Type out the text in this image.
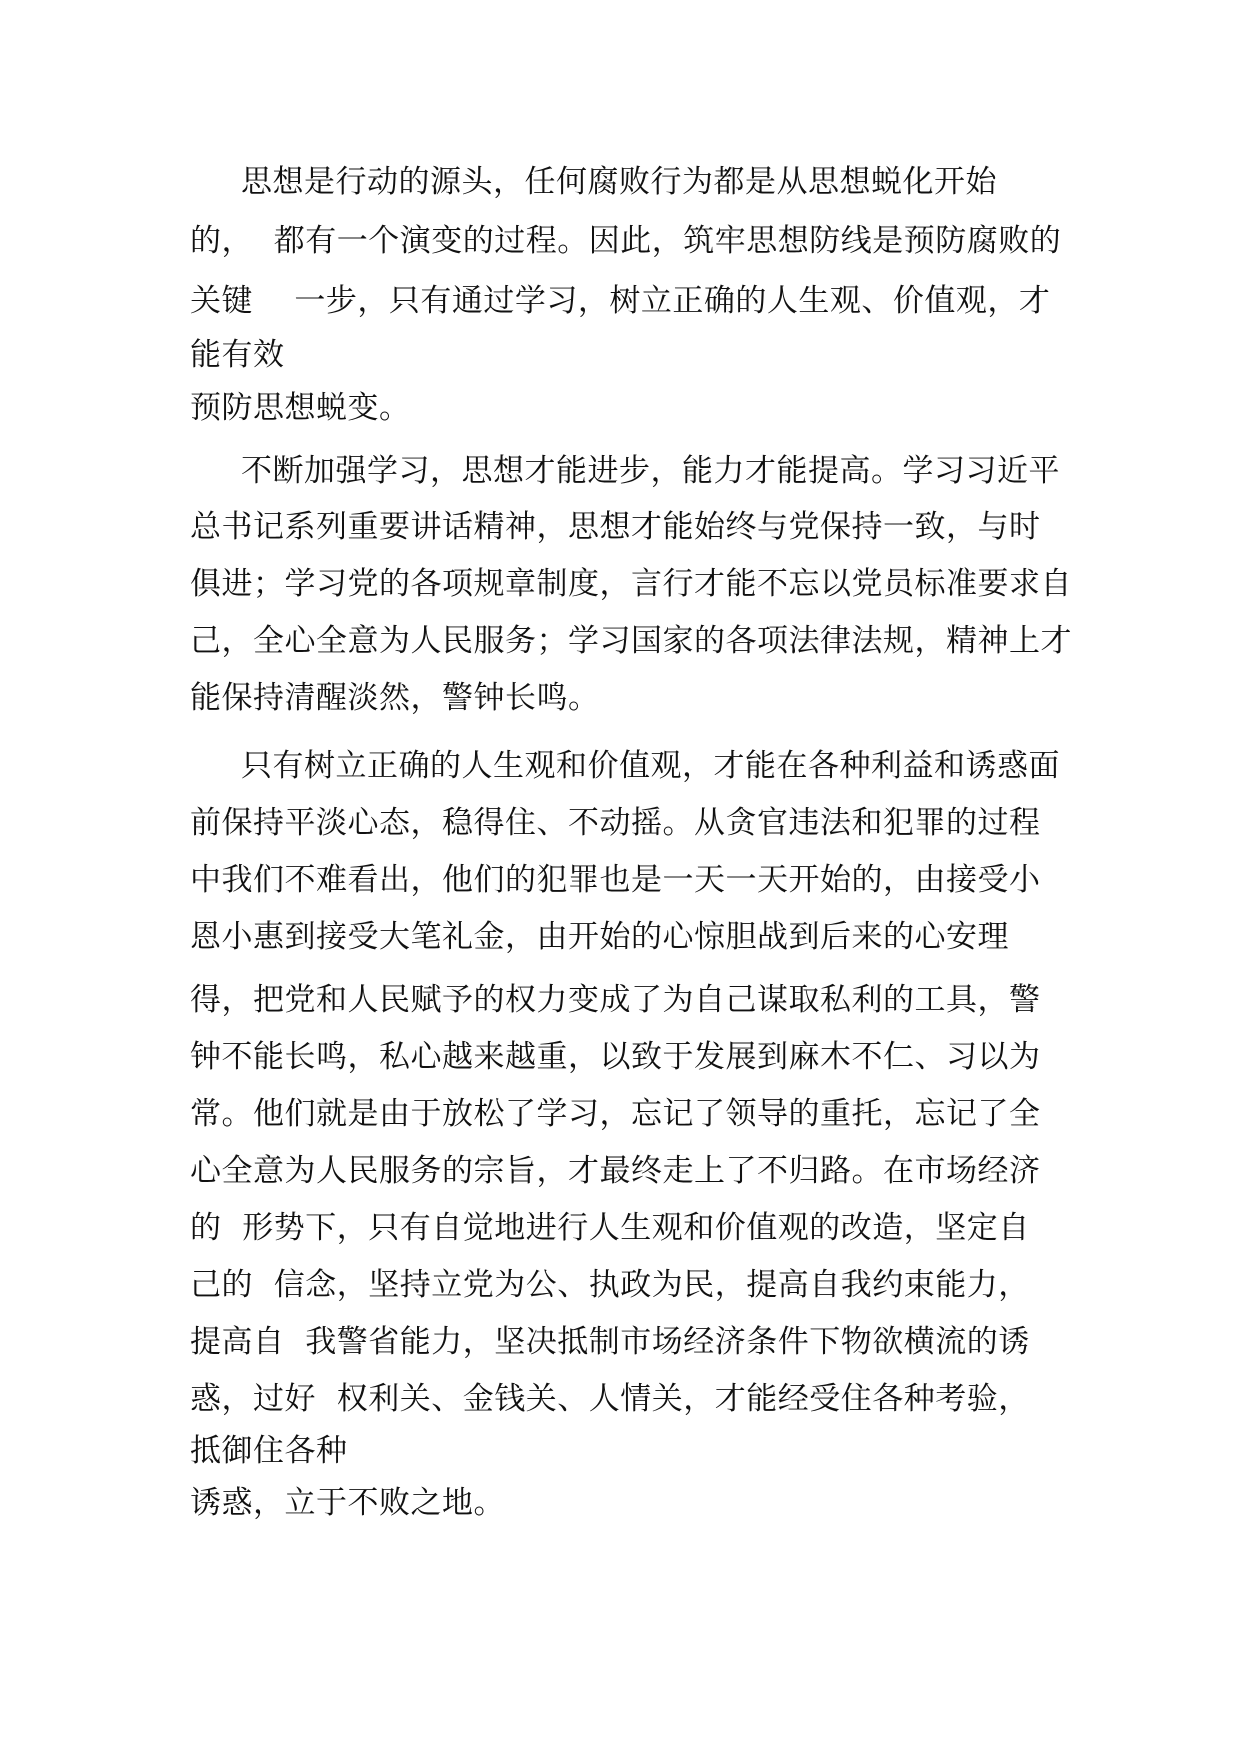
思想是行动的源头，任何腐败行为都是从思想蜕化开始
的，  都有一个演变的过程。因此，筑牢思想防线是预防腐败的
关键    一步，只有通过学习，树立正确的人生观、价值观，才
能有效
预防思想蜕变。
不断加强学习，思想才能进步，能力才能提高。学习习近平
总书记系列重要讲话精神，思想才能始终与党保持一致，与时
俱进；学习党的各项规章制度，言行才能不忘以党员标准要求自
己，全心全意为人民服务；学习国家的各项法律法规，精神上才
能保持清醒淡然，警钟长鸣。
只有树立正确的人生观和价值观，才能在各种利益和诱惑面
前保持平淡心态，稳得住、不动摇。从贪官违法和犯罪的过程
中我们不难看出，他们的犯罪也是一天一天开始的，由接受小
恩小惠到接受大笔礼金，由开始的心惊胆战到后来的心安理
得，把党和人民赋予的权力变成了为自己谋取私利的工具，警
钟不能长鸣，私心越来越重，以致于发展到麻木不仁、习以为
常。他们就是由于放松了学习，忘记了领导的重托，忘记了全
心全意为人民服务的宗旨，才最终走上了不归路。在市场经济
的  形势下，只有自觉地进行人生观和价值观的改造，坚定自
己的  信念，坚持立党为公、执政为民，提高自我约束能力，
提高自  我警省能力，坚决抵制市场经济条件下物欲横流的诱
惑，过好  权利关、金钱关、人情关，才能经受住各种考验，
抵御住各种
诱惑，立于不败之地。
